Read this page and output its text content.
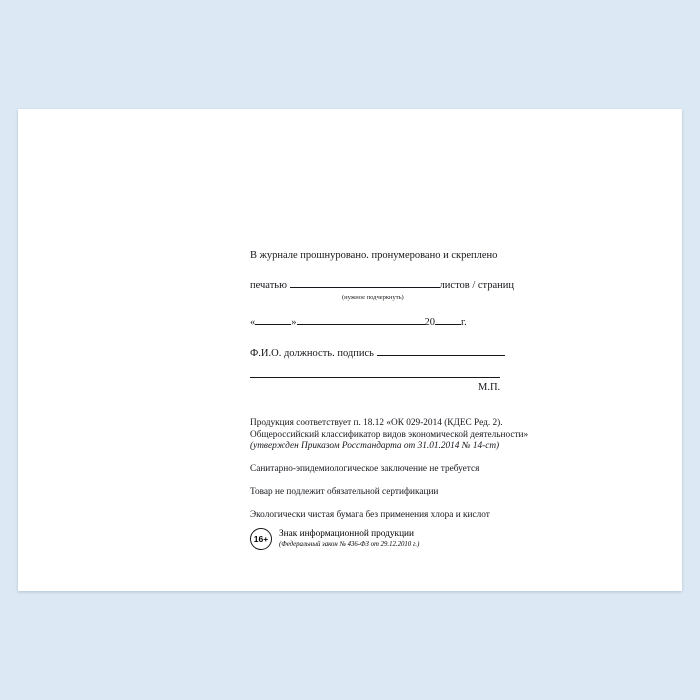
В журнале прошнуровано. пронумеровано и скреплено
печатью	листов / страниц
(нужное подчеркнуть)
«	»	20 г.
Ф.И.О. должность. подпись
М.П.
Продукция соответствует п. 18.12 «ОК 029-2014 (КДЕС Ред. 2).
Общероссийский классификатор видов экономической деятельности»
(утвержден Приказом Росстандарта от 31.01.2014 № 14-ст)
Санитарно-эпидемиологическое заключение не требуется
Товар не подлежит обязательной сертификации
Экологически чистая бумага без применения хлора и кислот
16+
Знак информационной продукции
(Федеральный закон № 436-ФЗ от 29.12.2010 г.)
